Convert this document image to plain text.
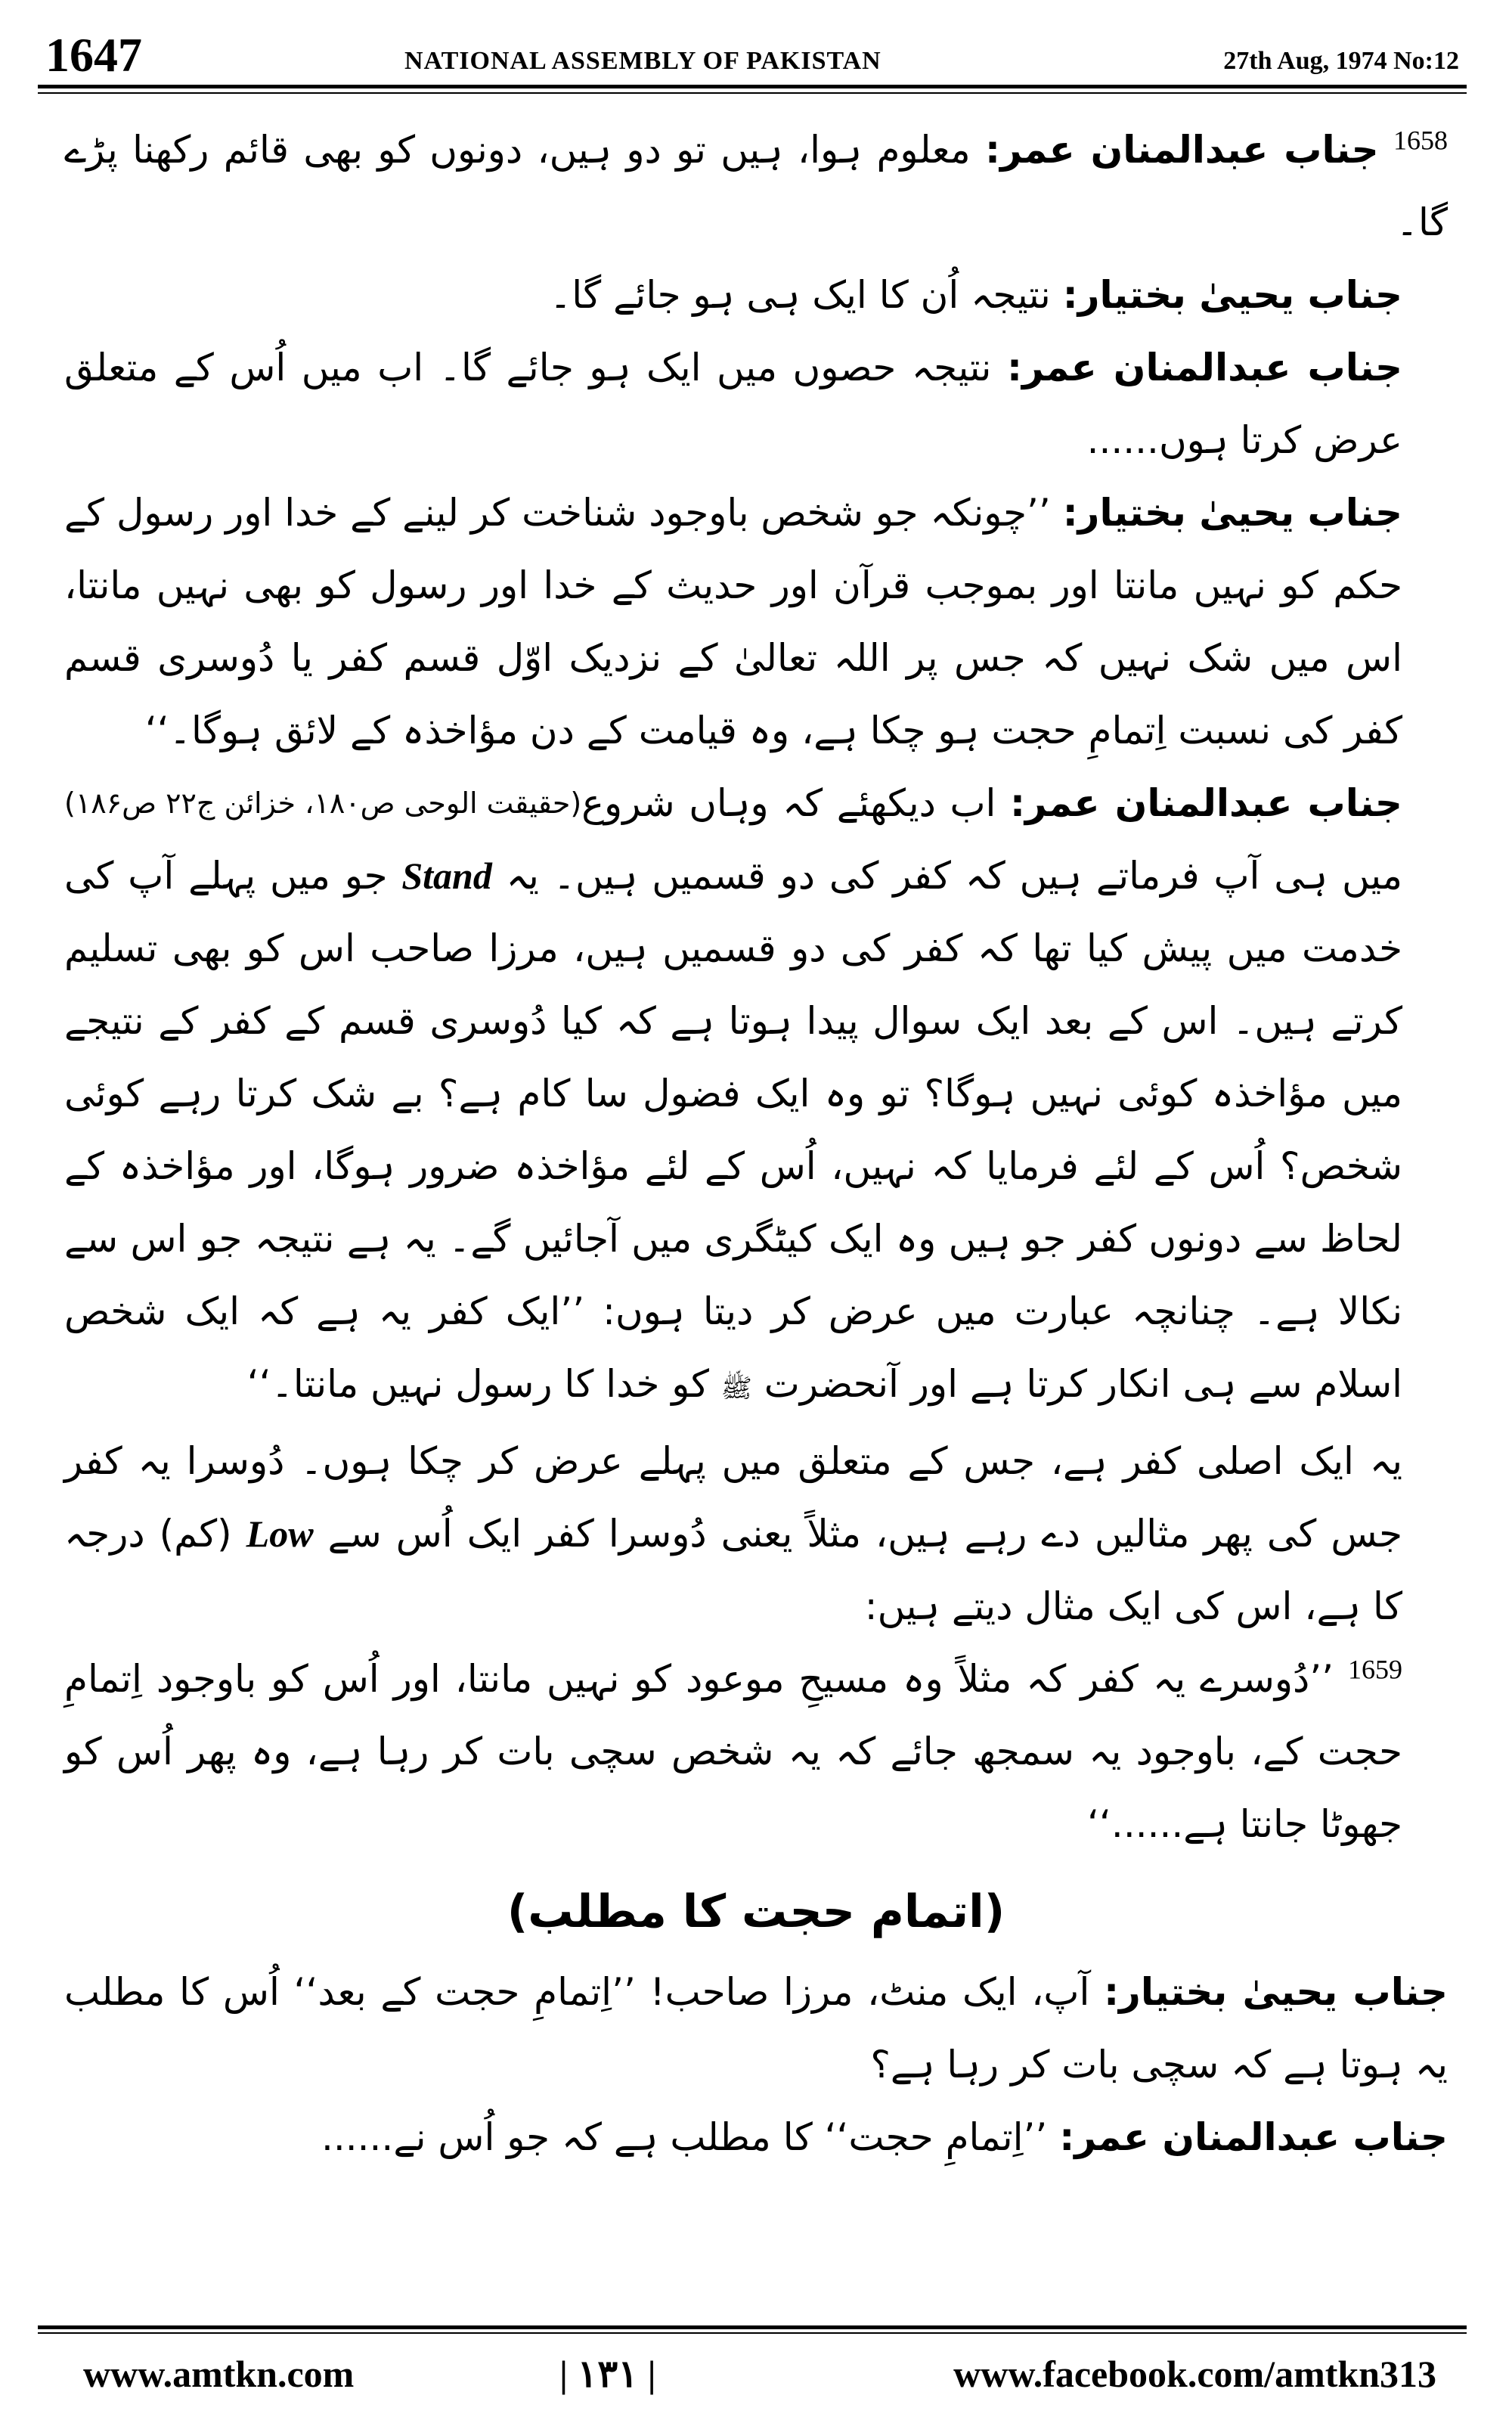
1647	NATIONAL ASSEMBLY OF PAKISTAN	27th Aug, 1974 No:12

$^{1658}$ جناب عبدالمنان عمر: معلوم ہوا، ہیں تو دو ہیں، دونوں کو بھی قائم رکھنا پڑے گا۔

جناب یحییٰ بختیار: نتیجہ اُن کا ایک ہی ہو جائے گا۔

جناب عبدالمنان عمر: نتیجہ حصوں میں ایک ہو جائے گا۔ اب میں اُس کے متعلق عرض کرتا ہوں......

جناب یحییٰ بختیار: ’’چونکہ جو شخص باوجود شناخت کر لینے کے خدا اور رسول کے حکم کو نہیں مانتا اور بموجب قرآن اور حدیث کے خدا اور رسول کو بھی نہیں مانتا، اس میں شک نہیں کہ جس پر اللہ تعالیٰ کے نزدیک اوّل قسم کفر یا دُوسری قسم کفر کی نسبت اِتمامِ حجت ہو چکا ہے، وہ قیامت کے دن مؤاخذہ کے لائق ہوگا۔‘‘
(حقیقت الوحی ص۱۸۰، خزائن ج۲۲ ص۱۸۶)	جناب عبدالمنان عمر: اب دیکھئے کہ وہاں شروع میں ہی آپ فرماتے ہیں کہ کفر کی دو قسمیں ہیں۔ یہ Stand جو میں پہلے آپ کی خدمت میں پیش کیا تھا کہ کفر کی دو قسمیں ہیں، مرزا صاحب اس کو بھی تسلیم کرتے ہیں۔ اس کے بعد ایک سوال پیدا ہوتا ہے کہ کیا دُوسری قسم کے کفر کے نتیجے میں مؤاخذہ کوئی نہیں ہوگا؟ تو وہ ایک فضول سا کام ہے؟ بے شک کرتا رہے کوئی شخص؟ اُس کے لئے فرمایا کہ نہیں، اُس کے لئے مؤاخذہ ضرور ہوگا، اور مؤاخذہ کے لحاظ سے دونوں کفر جو ہیں وہ ایک کیٹگری میں آجائیں گے۔ یہ ہے نتیجہ جو اس سے نکالا ہے۔ چنانچہ عبارت میں عرض کر دیتا ہوں: ’’ایک کفر یہ ہے کہ ایک شخص اسلام سے ہی انکار کرتا ہے اور آنحضرت ﷺ کو خدا کا رسول نہیں مانتا۔‘‘

یہ ایک اصلی کفر ہے، جس کے متعلق میں پہلے عرض کر چکا ہوں۔ دُوسرا یہ کفر جس کی پھر مثالیں دے رہے ہیں، مثلاً یعنی دُوسرا کفر ایک اُس سے Low (کم) درجہ کا ہے، اس کی ایک مثال دیتے ہیں:

$^{1659}$ ’’دُوسرے یہ کفر کہ مثلاً وہ مسیحِ موعود کو نہیں مانتا، اور اُس کو باوجود اِتمامِ حجت کے، باوجود یہ سمجھ جائے کہ یہ شخص سچی بات کر رہا ہے، وہ پھر اُس کو جھوٹا جانتا ہے......‘‘

(اتمام حجت کا مطلب)

جناب یحییٰ بختیار: آپ، ایک منٹ، مرزا صاحب! ’’اِتمامِ حجت کے بعد‘‘ اُس کا مطلب یہ ہوتا ہے کہ سچی بات کر رہا ہے؟

جناب عبدالمنان عمر: ’’اِتمامِ حجت‘‘ کا مطلب ہے کہ جو اُس نے......

www.amtkn.com	| ۱۳۱ |	www.facebook.com/amtkn313
